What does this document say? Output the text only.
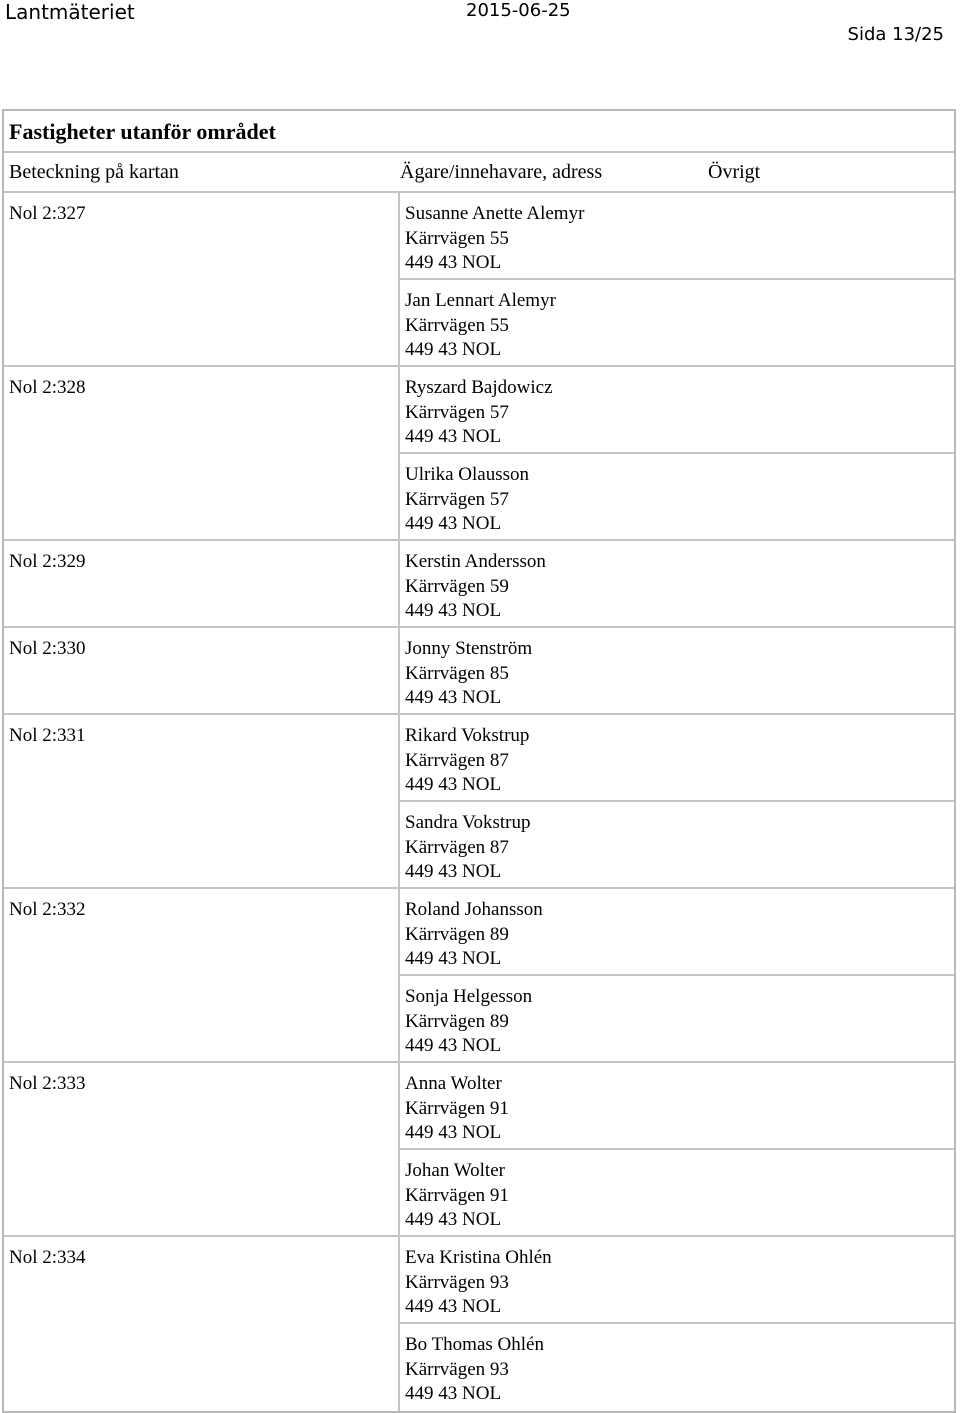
Lantmäteriet	2015-06-25
Sida 13/25
Fastigheter utanför området
Beteckning på kartan	Ägare/innehavare, adress	Övrigt
Nol 2:327	Susanne Anette Alemyr
Kärrvägen 55
449 43 NOL
Jan Lennart Alemyr
Kärrvägen 55
449 43 NOL
Nol 2:328	Ryszard Bajdowicz
Kärrvägen 57
449 43 NOL
Ulrika Olausson
Kärrvägen 57
449 43 NOL
Nol 2:329	Kerstin Andersson
Kärrvägen 59
449 43 NOL
Nol 2:330	Jonny Stenström
Kärrvägen 85
449 43 NOL
Nol 2:331	Rikard Vokstrup
Kärrvägen 87
449 43 NOL
Sandra Vokstrup
Kärrvägen 87
449 43 NOL
Nol 2:332	Roland Johansson
Kärrvägen 89
449 43 NOL
Sonja Helgesson
Kärrvägen 89
449 43 NOL
Nol 2:333	Anna Wolter
Kärrvägen 91
449 43 NOL
Johan Wolter
Kärrvägen 91
449 43 NOL
Nol 2:334	Eva Kristina Ohlén
Kärrvägen 93
449 43 NOL
Bo Thomas Ohlén
Kärrvägen 93
449 43 NOL
